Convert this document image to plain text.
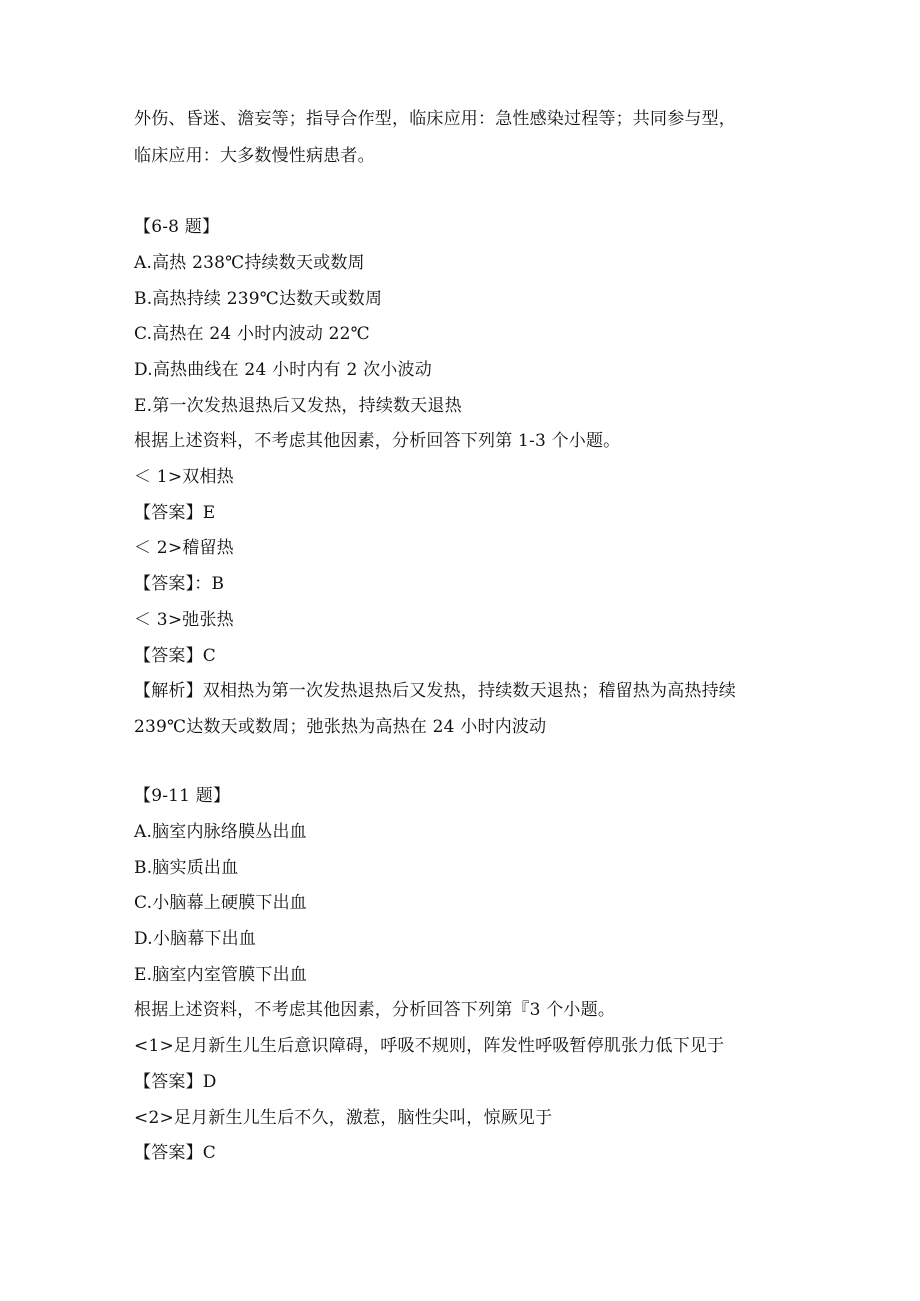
外伤、昏迷、澹妄等；指导合作型，临床应用：急性感染过程等；共同参与型，
临床应用：大多数慢性病患者。
【6-8 题】
A.高热 238℃持续数天或数周
B.高热持续 239℃达数天或数周
C.高热在 24 小时内波动 22℃
D.高热曲线在 24 小时内有 2 次小波动
E.第一次发热退热后又发热，持续数天退热
根据上述资料，不考虑其他因素，分析回答下列第 1-3 个小题。
＜ 1>双相热
【答案】E
＜ 2>稽留热
【答案】：B
＜ 3>弛张热
【答案】C
【解析】双相热为第一次发热退热后又发热，持续数天退热；稽留热为高热持续
239℃达数天或数周；弛张热为高热在 24 小时内波动
【9-11 题】
A.脑室内脉络膜丛出血
B.脑实质出血
C.小脑幕上硬膜下出血
D.小脑幕下出血
E.脑室内室管膜下出血
根据上述资料，不考虑其他因素，分析回答下列第『3 个小题。
<1>足月新生儿生后意识障碍，呼吸不规则，阵发性呼吸暂停肌张力低下见于
【答案】D
<2>足月新生儿生后不久，激惹，脑性尖叫，惊厥见于
【答案】C
